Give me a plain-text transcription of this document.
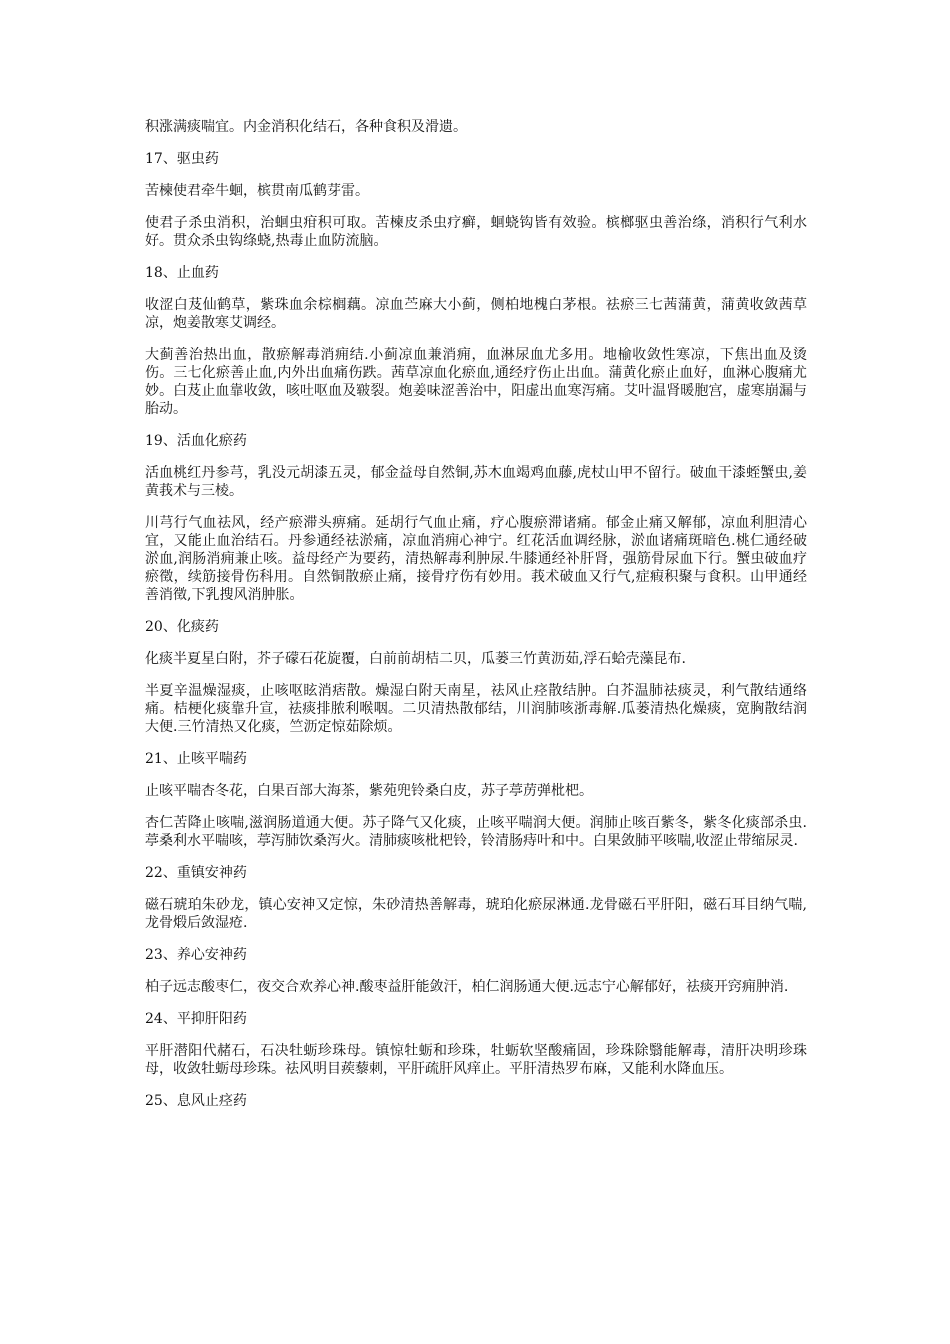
积涨满痰喘宜。内金消积化结石，各种食积及滑遗。

17、驱虫药

苦楝使君牵牛蛔，槟贯南瓜鹤芽雷。

使君子杀虫消积，治蛔虫疳积可取。苦楝皮杀虫疗癣，蛔蛲钩皆有效验。槟榔驱虫善治绦，消积行气利水好。贯众杀虫钩绦蛲,热毒止血防流脑。

18、止血药

收涩白芨仙鹤草，紫珠血余棕榈藕。凉血苎麻大小蓟，侧柏地槐白茅根。祛瘀三七茜蒲黄，蒲黄收敛茜草凉，炮姜散寒艾调经。

大蓟善治热出血，散瘀解毒消痈结.小蓟凉血兼消痈，血淋尿血尤多用。地榆收敛性寒凉，下焦出血及烫伤。三七化瘀善止血,内外出血痛伤跌。茜草凉血化瘀血,通经疗伤止出血。蒲黄化瘀止血好，血淋心腹痛尤妙。白芨止血靠收敛，咳吐呕血及皲裂。炮姜味涩善治中，阳虚出血寒泻痛。艾叶温肾暖胞宫，虚寒崩漏与胎动。

19、活血化瘀药

活血桃红丹参芎，乳没元胡漆五灵，郁金益母自然铜,苏木血竭鸡血藤,虎杖山甲不留行。破血干漆蛭蟹虫,姜黄莪术与三棱。

川芎行气血祛风，经产瘀滞头痹痛。延胡行气血止痛，疗心腹瘀滞诸痛。郁金止痛又解郁，凉血利胆清心宜，又能止血治结石。丹参通经祛淤痛，凉血消痈心神宁。红花活血调经脉，淤血诸痛斑暗色.桃仁通经破淤血,润肠消痈兼止咳。益母经产为要药，清热解毒利肿尿.牛膝通经补肝肾，强筋骨尿血下行。蟹虫破血疗瘀徵，续筋接骨伤科用。自然铜散瘀止痛，接骨疗伤有妙用。莪术破血又行气,症瘕积聚与食积。山甲通经善消徵,下乳搜风消肿胀。

20、化痰药

化痰半夏星白附，芥子礞石花旋覆，白前前胡桔二贝，瓜蒌三竹黄沥茹,浮石蛤壳藻昆布.

半夏辛温燥湿痰，止咳呕眩消痞散。燥湿白附天南星，祛风止痉散结肿。白芥温肺祛痰灵，利气散结通络痛。桔梗化痰靠升宣，祛痰排脓利喉咽。二贝清热散郁结，川润肺咳浙毒解.瓜蒌清热化燥痰，宽胸散结润大便.三竹清热又化痰，竺沥定惊茹除烦。

21、止咳平喘药

止咳平喘杏冬花，白果百部大海茶，紫苑兜铃桑白皮，苏子葶苈弹枇杷。

杏仁苦降止咳喘,滋润肠道通大便。苏子降气又化痰，止咳平喘润大便。润肺止咳百紫冬，紫冬化痰部杀虫.葶桑利水平喘咳，葶泻肺饮桑泻火。清肺痰咳枇杷铃，铃清肠痔叶和中。白果敛肺平咳喘,收涩止带缩尿灵.

22、重镇安神药

磁石琥珀朱砂龙，镇心安神又定惊，朱砂清热善解毒，琥珀化瘀尿淋通.龙骨磁石平肝阳，磁石耳目纳气喘,龙骨煅后敛湿疮.

23、养心安神药

柏子远志酸枣仁，夜交合欢养心神.酸枣益肝能敛汗，柏仁润肠通大便.远志宁心解郁好，祛痰开窍痈肿消.

24、平抑肝阳药

平肝潜阳代赭石，石决牡蛎珍珠母。镇惊牡蛎和珍珠，牡蛎软坚酸痛固，珍珠除翳能解毒，清肝决明珍珠母，收敛牡蛎母珍珠。祛风明目蒺藜刺，平肝疏肝风痒止。平肝清热罗布麻，又能利水降血压。

25、息风止痉药
